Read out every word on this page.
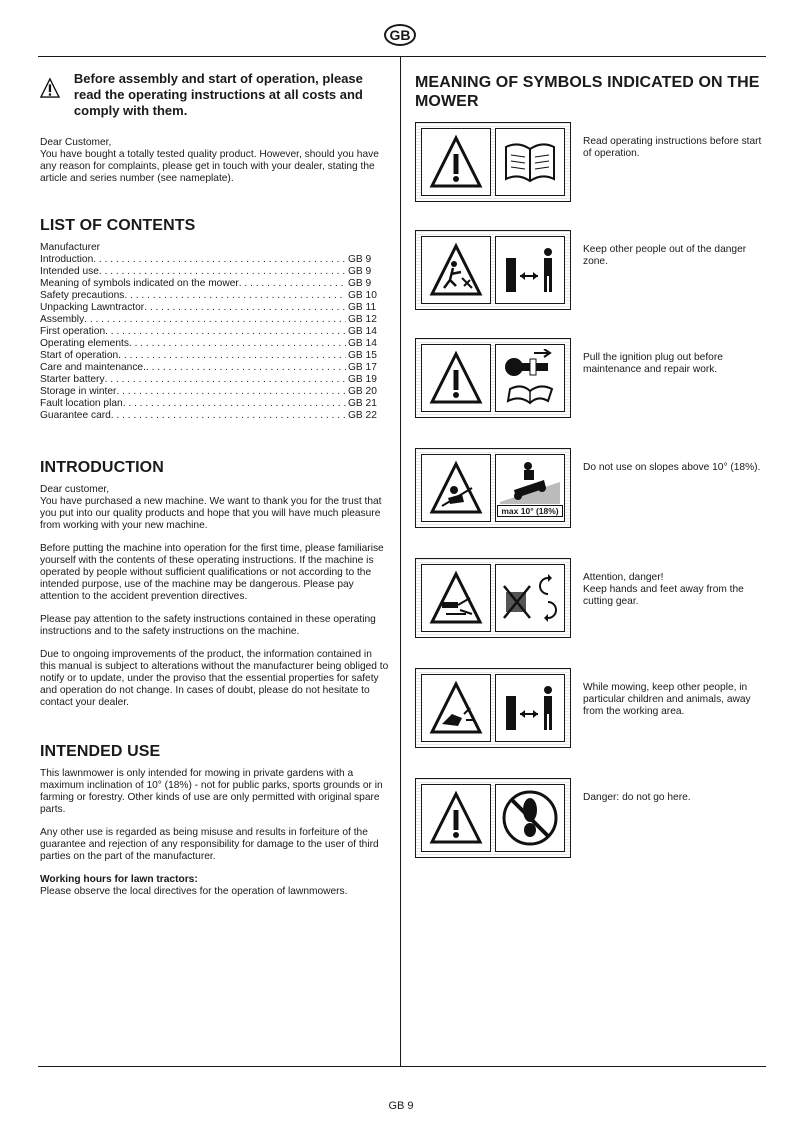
GB
Before assembly and start of operation, please read the operating instructions at all costs and comply with them.
Dear Customer,

You have bought a totally tested quality product. However, should you have any reason for complaints, please get in touch with your dealer, stating the article and series number (see nameplate).

LIST OF CONTENTS
Manufacturer
Introduction . . .	GB 9
Intended use . . .	GB 9
Meaning of symbols indicated on the mower . . .	GB 9
Safety precautions . . .	GB 10
Unpacking Lawntractor . . .	GB 11
Assembly . . .	GB 12
First operation . . .	GB 14
Operating elements . . .	GB 14
Start of operation . . .	GB 15
Care and maintenance. . . .	GB 17
Starter battery . . .	GB 19
Storage in winter . . .	GB 20
Fault location plan . . .	GB 21
Guarantee card . . .	GB 22
INTRODUCTION
Dear customer,

You have purchased a new machine. We want to thank you for the trust that you put into our quality products and hope that you will have much pleasure from working with your new machine.

Before putting the machine into operation for the first time, please familiarise yourself with the contents of these operating instructions. If the machine is operated by people without sufficient qualifications or not according to the intended purpose, use of the machine may be dangerous. Please pay attention to the accident prevention directives.

Please pay attention to the safety instructions contained in these operating instructions and to the safety instructions on the machine.

Due to ongoing improvements of the product, the information contained in this manual is subject to alterations without the manufacturer being obliged to notify or to update, under the proviso that the essential properties for safety and operation do not change. In cases of doubt, please do not hesitate to contact your dealer.

INTENDED USE

This lawnmower is only intended for mowing in private gardens with a maximum inclination of 10° (18%) - not for public parks, sports grounds or in farming or forestry. Other kinds of use are only permitted with original spare parts.

Any other use is regarded as being misuse and results in forfeiture of the guarantee and rejection of any responsibility for damage to the user of third parties on the part of the manufacturer.

Working hours for lawn tractors:
Please observe the local directives for the operation of lawnmowers.
MEANING OF SYMBOLS INDICATED ON THE MOWER
Read operating instructions before start of operation.
Keep other people out of the danger zone.
Pull the ignition plug out before maintenance and repair work.
max 10° (18%)
Do not use on slopes above 10° (18%).
Attention, danger!
Keep hands and feet away from the cutting gear.
While mowing, keep other people, in particular children and animals, away from the working area.
Danger: do not go here.
GB 9
